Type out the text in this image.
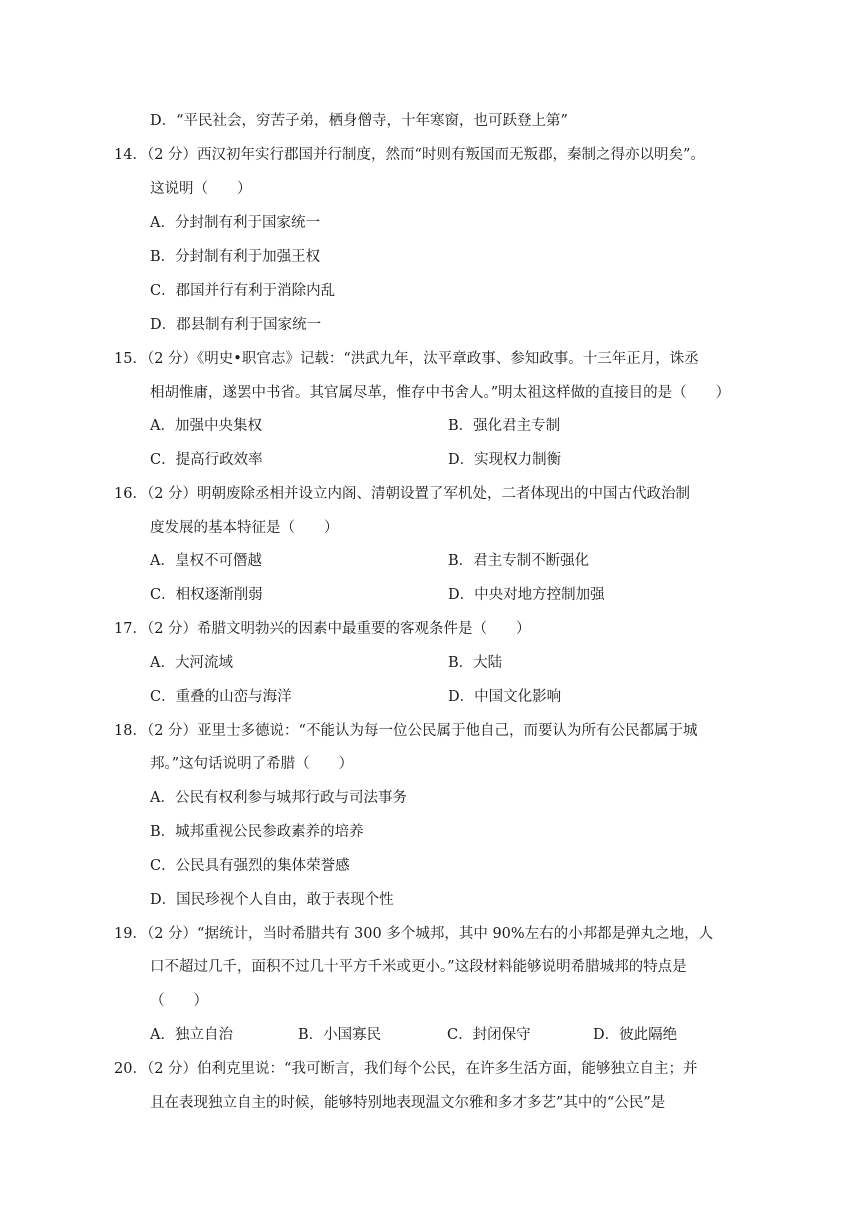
D．“平民社会，穷苦子弟，栖身僧寺，十年寒窗，也可跃登上第”
14．（2 分）西汉初年实行郡国并行制度，然而“时则有叛国而无叛郡，秦制之得亦以明矣”。
这说明（　　）
A．分封制有利于国家统一
B．分封制有利于加强王权
C．郡国并行有利于消除内乱
D．郡县制有利于国家统一
15．（2 分）《明史•职官志》记载：“洪武九年，汰平章政事、参知政事。十三年正月，诛丞
相胡惟庸，遂罢中书省。其官属尽革，惟存中书舍人。”明太祖这样做的直接目的是（　　）
A．加强中央集权	B．强化君主专制
C．提高行政效率	D．实现权力制衡
16．（2 分）明朝废除丞相并设立内阁、清朝设置了军机处，二者体现出的中国古代政治制
度发展的基本特征是（　　）
A．皇权不可僭越	B．君主专制不断强化
C．相权逐渐削弱	D．中央对地方控制加强
17．（2 分）希腊文明勃兴的因素中最重要的客观条件是（　　）
A．大河流域	B．大陆
C．重叠的山峦与海洋	D．中国文化影响
18．（2 分）亚里士多德说：“不能认为每一位公民属于他自己，而要认为所有公民都属于城
邦。”这句话说明了希腊（　　）
A．公民有权利参与城邦行政与司法事务
B．城邦重视公民参政素养的培养
C．公民具有强烈的集体荣誉感
D．国民珍视个人自由，敢于表现个性
19．（2 分）“据统计，当时希腊共有 300 多个城邦，其中 90%左右的小邦都是弹丸之地，人
口不超过几千，面积不过几十平方千米或更小。”这段材料能够说明希腊城邦的特点是
（　　）
A．独立自治	B．小国寡民	C．封闭保守	D．彼此隔绝
20．（2 分）伯利克里说：“我可断言，我们每个公民，在许多生活方面，能够独立自主；并
且在表现独立自主的时候，能够特别地表现温文尔雅和多才多艺”其中的“公民”是
